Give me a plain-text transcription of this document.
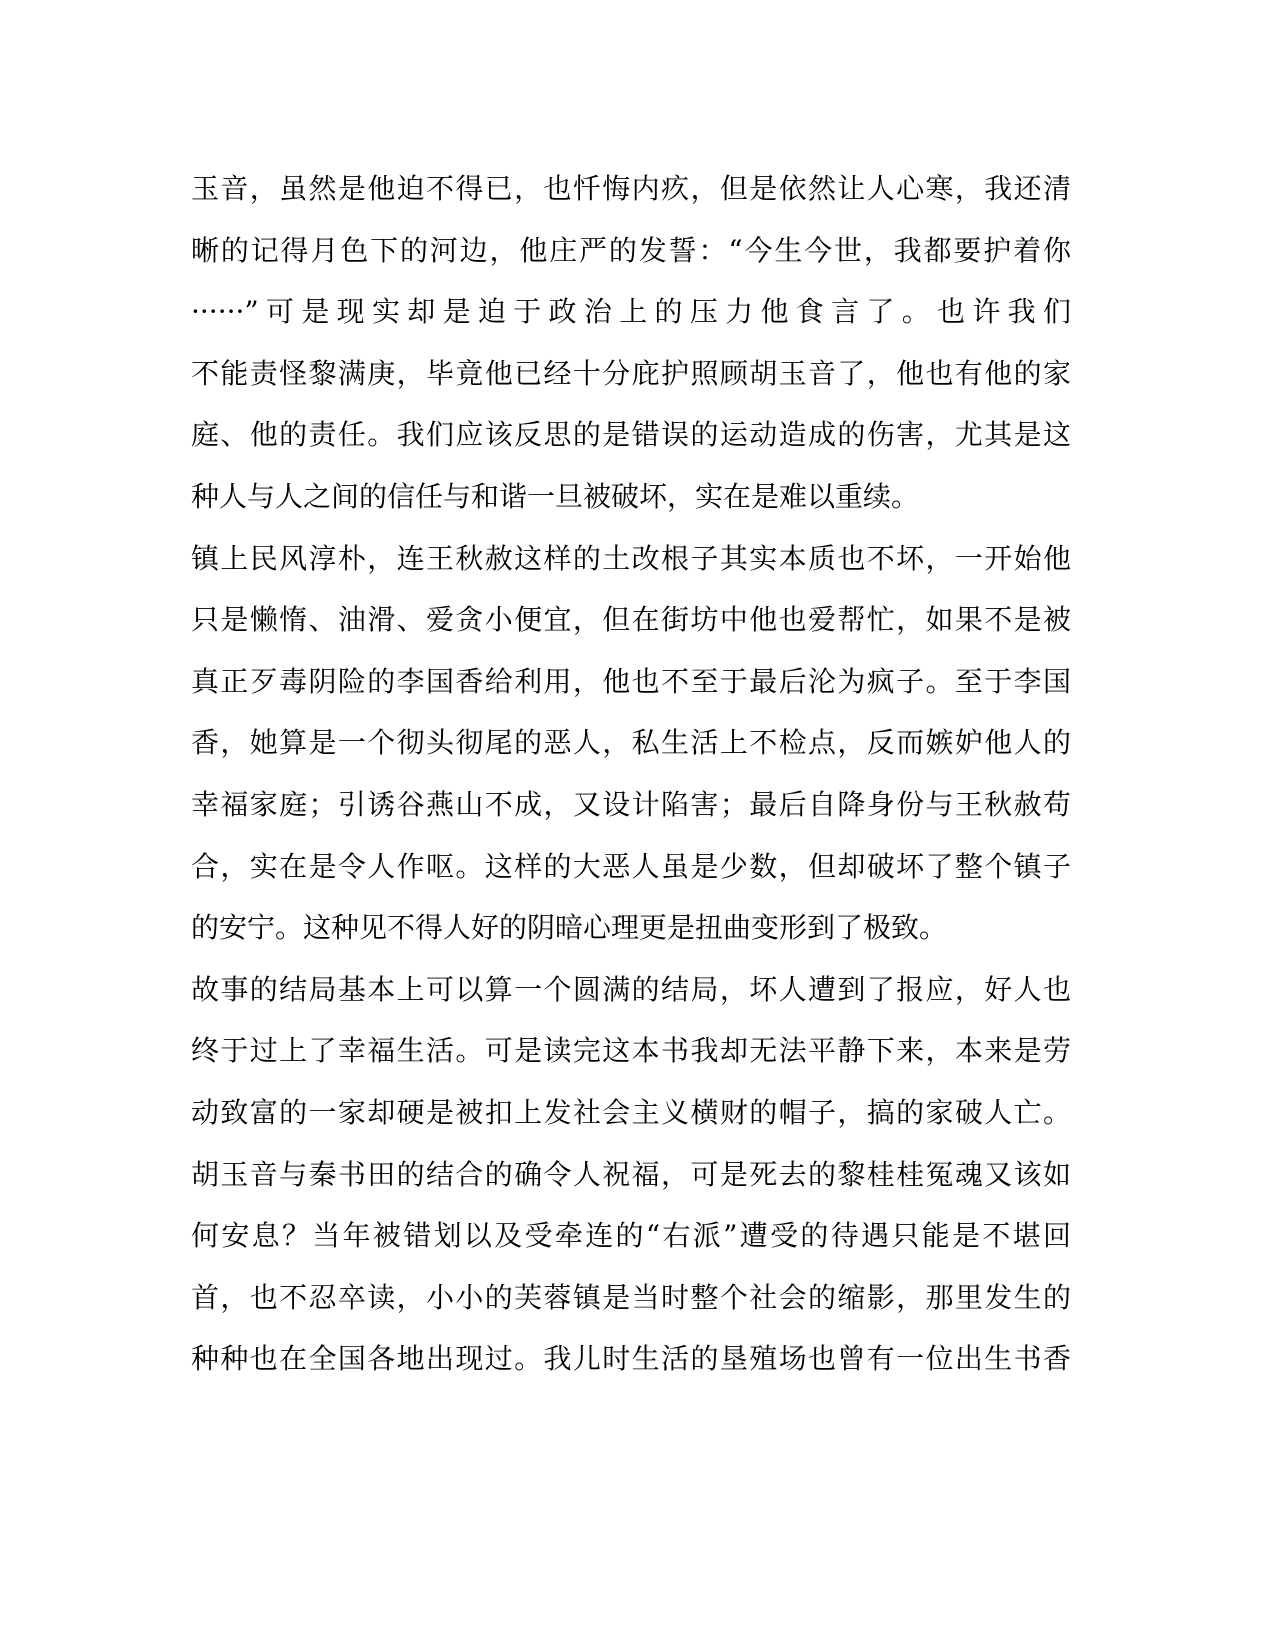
玉音，虽然是他迫不得已，也忏悔内疚，但是依然让人心寒，我还清
晰的记得月色下的河边，他庄严的发誓：“今生今世，我都要护着你
······”可是现实却是迫于政治上的压力他食言了。也许我们
不能责怪黎满庚，毕竟他已经十分庇护照顾胡玉音了，他也有他的家
庭、他的责任。我们应该反思的是错误的运动造成的伤害，尤其是这
种人与人之间的信任与和谐一旦被破坏，实在是难以重续。
镇上民风淳朴，连王秋赦这样的土改根子其实本质也不坏，一开始他
只是懒惰、油滑、爱贪小便宜，但在街坊中他也爱帮忙，如果不是被
真正歹毒阴险的李国香给利用，他也不至于最后沦为疯子。至于李国
香，她算是一个彻头彻尾的恶人，私生活上不检点，反而嫉妒他人的
幸福家庭；引诱谷燕山不成，又设计陷害；最后自降身份与王秋赦苟
合，实在是令人作呕。这样的大恶人虽是少数，但却破坏了整个镇子
的安宁。这种见不得人好的阴暗心理更是扭曲变形到了极致。
故事的结局基本上可以算一个圆满的结局，坏人遭到了报应，好人也
终于过上了幸福生活。可是读完这本书我却无法平静下来，本来是劳
动致富的一家却硬是被扣上发社会主义横财的帽子，搞的家破人亡。
胡玉音与秦书田的结合的确令人祝福，可是死去的黎桂桂冤魂又该如
何安息？当年被错划以及受牵连的“右派”遭受的待遇只能是不堪回
首，也不忍卒读，小小的芙蓉镇是当时整个社会的缩影，那里发生的
种种也在全国各地出现过。我儿时生活的垦殖场也曾有一位出生书香
